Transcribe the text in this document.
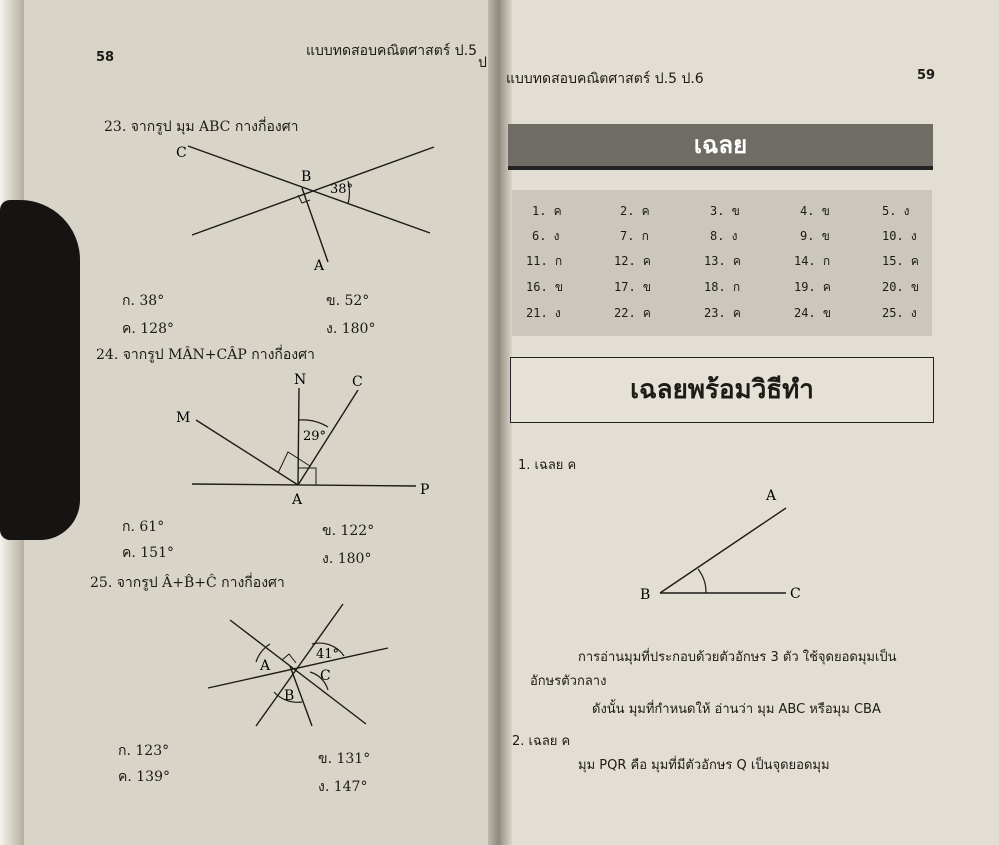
58	แบบทดสอบคณิตศาสตร์ ป.5
ป
23. จากรูป มุม ABC กางกี่องศา
C
B
A
38°
ก. 38°	ข. 52°
ค. 128°	ง. 180°
24. จากรูป MÂN+CÂP กางกี่องศา
M
N	C
A
P
29°
ก. 61°	ข. 122°
ค. 151°	ง. 180°
25. จากรูป Â+B̂+Ĉ กางกี่องศา
A
B
C
41°
ก. 123°	ข. 131°
ค. 139°
ง. 147°
แบบทดสอบคณิตศาสตร์ ป.5 ป.6	59
เฉลย
1. ค	2. ค	3. ข	4. ข	5. ง
6. ง	7. ก	8. ง	9. ข	10. ง
11. ก	12. ค	13. ค	14. ก	15. ค
16. ข	17. ข	18. ก	19. ค	20. ข
21. ง	22. ค	23. ค	24. ข	25. ง
เฉลยพร้อมวิธีทำ
1. เฉลย ค
A
B	C
การอ่านมุมที่ประกอบด้วยตัวอักษร 3 ตัว ใช้จุดยอดมุมเป็น
อักษรตัวกลาง
ดังนั้น มุมที่กำหนดให้ อ่านว่า มุม ABC หรือมุม CBA
2. เฉลย ค
มุม PQR คือ มุมที่มีตัวอักษร Q เป็นจุดยอดมุม
